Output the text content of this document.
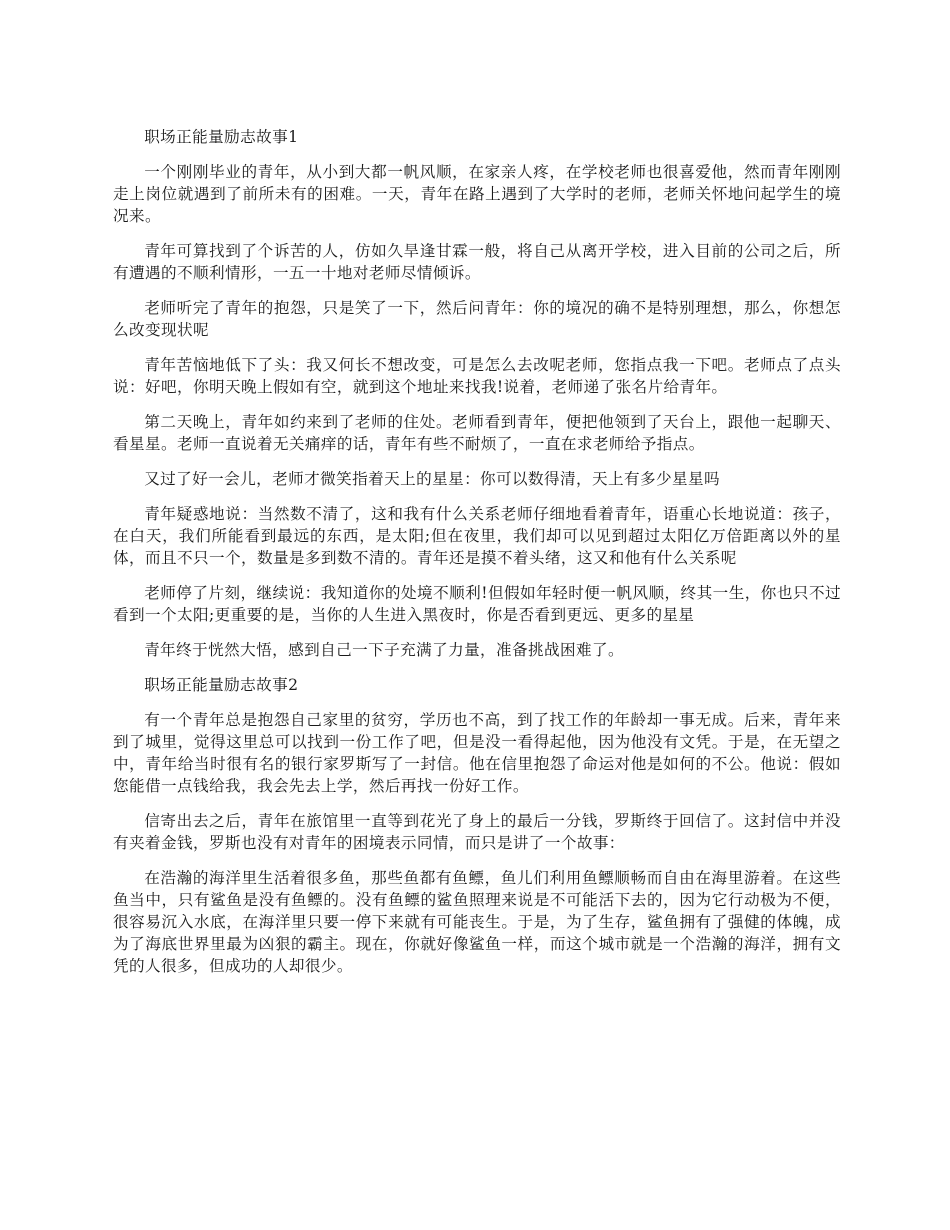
职场正能量励志故事1

一个刚刚毕业的青年，从小到大都一帆风顺，在家亲人疼，在学校老师也很喜爱他，然而青年刚刚走上岗位就遇到了前所未有的困难。一天，青年在路上遇到了大学时的老师，老师关怀地问起学生的境况来。

青年可算找到了个诉苦的人，仿如久旱逢甘霖一般，将自己从离开学校，进入目前的公司之后，所有遭遇的不顺利情形，一五一十地对老师尽情倾诉。

老师听完了青年的抱怨，只是笑了一下，然后问青年：你的境况的确不是特别理想，那么，你想怎么改变现状呢

青年苦恼地低下了头：我又何长不想改变，可是怎么去改呢老师，您指点我一下吧。老师点了点头说：好吧，你明天晚上假如有空，就到这个地址来找我!说着，老师递了张名片给青年。

第二天晚上，青年如约来到了老师的住处。老师看到青年，便把他领到了天台上，跟他一起聊天、看星星。老师一直说着无关痛痒的话，青年有些不耐烦了，一直在求老师给予指点。

又过了好一会儿，老师才微笑指着天上的星星：你可以数得清，天上有多少星星吗

青年疑惑地说：当然数不清了，这和我有什么关系老师仔细地看着青年，语重心长地说道：孩子，在白天，我们所能看到最远的东西，是太阳;但在夜里，我们却可以见到超过太阳亿万倍距离以外的星体，而且不只一个，数量是多到数不清的。青年还是摸不着头绪，这又和他有什么关系呢

老师停了片刻，继续说：我知道你的处境不顺利!但假如年轻时便一帆风顺，终其一生，你也只不过看到一个太阳;更重要的是，当你的人生进入黑夜时，你是否看到更远、更多的星星

青年终于恍然大悟，感到自己一下子充满了力量，准备挑战困难了。

职场正能量励志故事2

有一个青年总是抱怨自己家里的贫穷，学历也不高，到了找工作的年龄却一事无成。后来，青年来到了城里，觉得这里总可以找到一份工作了吧，但是没一看得起他，因为他没有文凭。于是，在无望之中，青年给当时很有名的银行家罗斯写了一封信。他在信里抱怨了命运对他是如何的不公。他说：假如您能借一点钱给我，我会先去上学，然后再找一份好工作。

信寄出去之后，青年在旅馆里一直等到花光了身上的最后一分钱，罗斯终于回信了。这封信中并没有夹着金钱，罗斯也没有对青年的困境表示同情，而只是讲了一个故事：

在浩瀚的海洋里生活着很多鱼，那些鱼都有鱼鳔，鱼儿们利用鱼鳔顺畅而自由在海里游着。在这些鱼当中，只有鲨鱼是没有鱼鳔的。没有鱼鳔的鲨鱼照理来说是不可能活下去的，因为它行动极为不便，很容易沉入水底，在海洋里只要一停下来就有可能丧生。于是，为了生存，鲨鱼拥有了强健的体魄，成为了海底世界里最为凶狠的霸主。现在，你就好像鲨鱼一样，而这个城市就是一个浩瀚的海洋，拥有文凭的人很多，但成功的人却很少。
